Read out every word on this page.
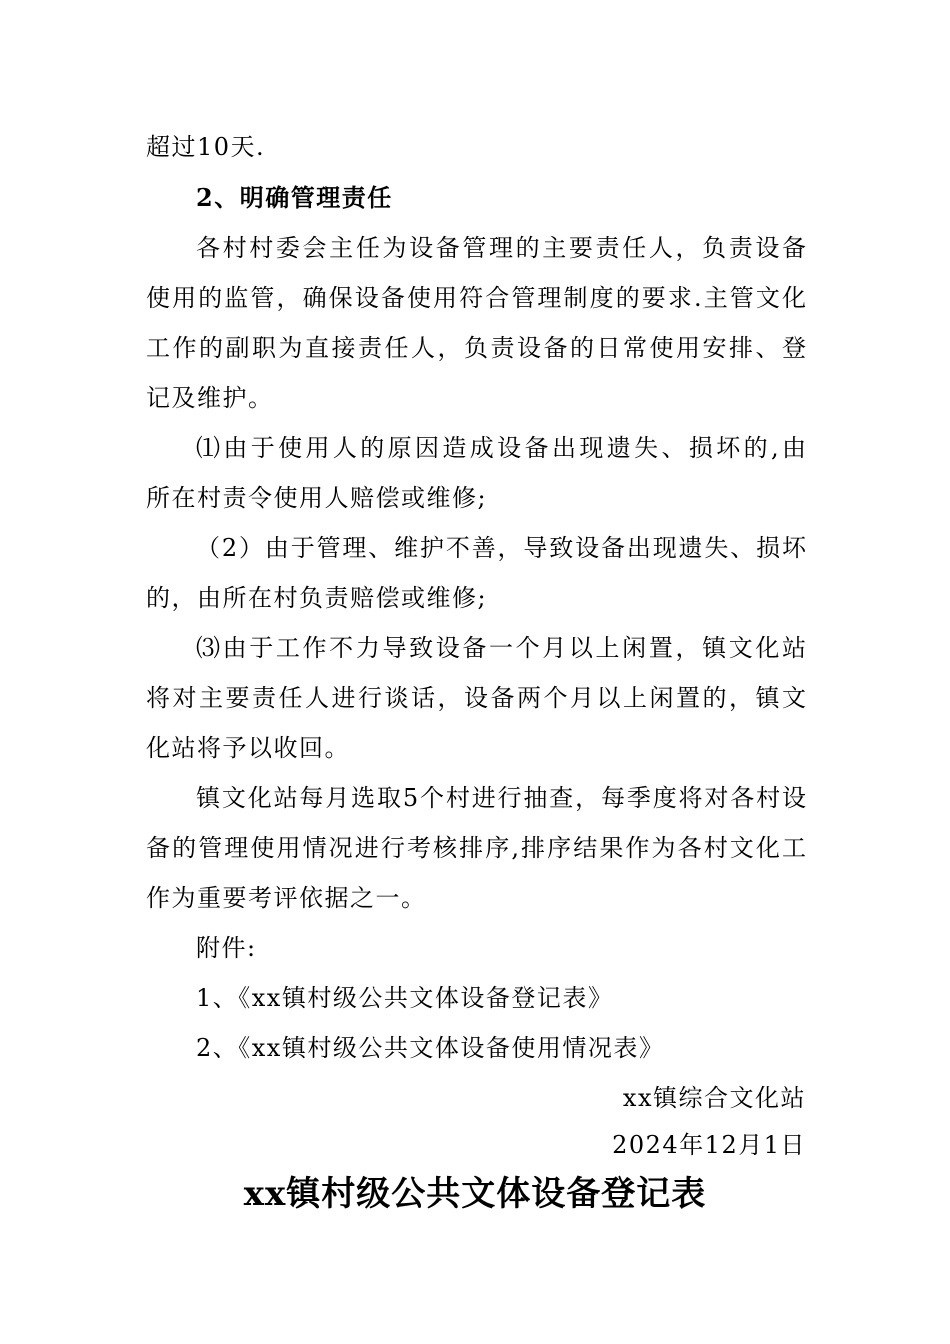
超过10天.
2、明确管理责任
各村村委会主任为设备管理的主要责任人，负责设备
使用的监管，确保设备使用符合管理制度的要求.主管文化
工作的副职为直接责任人，负责设备的日常使用安排、登
记及维护。
⑴由于使用人的原因造成设备出现遗失、损坏的,由
所在村责令使用人赔偿或维修;
（2）由于管理、维护不善，导致设备出现遗失、损坏
的，由所在村负责赔偿或维修;
⑶由于工作不力导致设备一个月以上闲置，镇文化站
将对主要责任人进行谈话，设备两个月以上闲置的，镇文
化站将予以收回。
镇文化站每月选取5个村进行抽查，每季度将对各村设
备的管理使用情况进行考核排序,排序结果作为各村文化工
作为重要考评依据之一。
附件:
1、《xx镇村级公共文体设备登记表》
2、《xx镇村级公共文体设备使用情况表》
xx镇综合文化站
2024年12月1日
xx镇村级公共文体设备登记表
